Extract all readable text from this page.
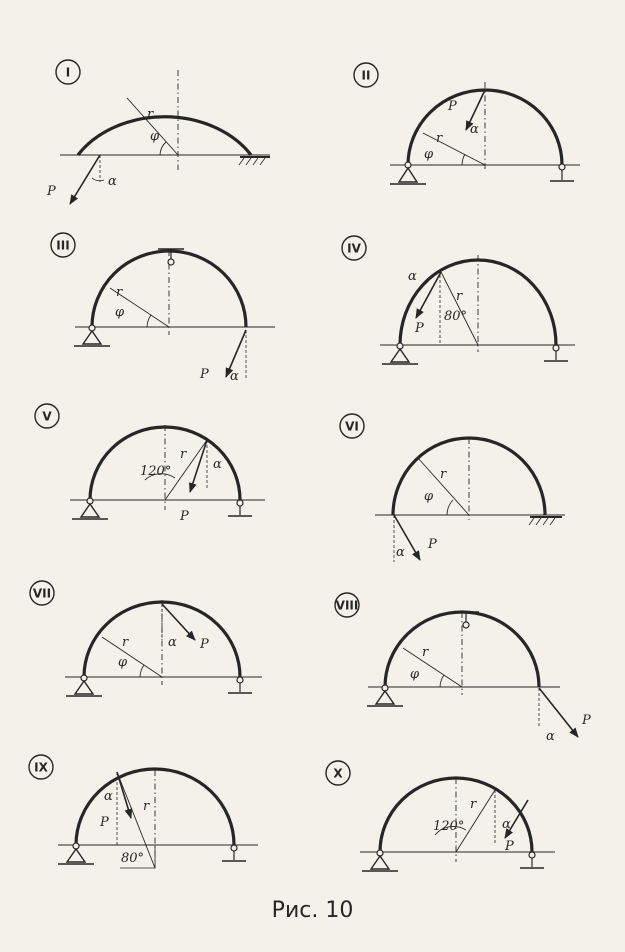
I
r
φ
P
α
II
P
α
r
φ
III
r
φ
P α
IV
α
P
r
80°
V
120°
r
α
P
VI
r
φ
α
P
VII
r
φ
α P
VIII
r
φ
α
P
IX
α
P
r
80°
X
120°
r
α
P
Рис. 10
